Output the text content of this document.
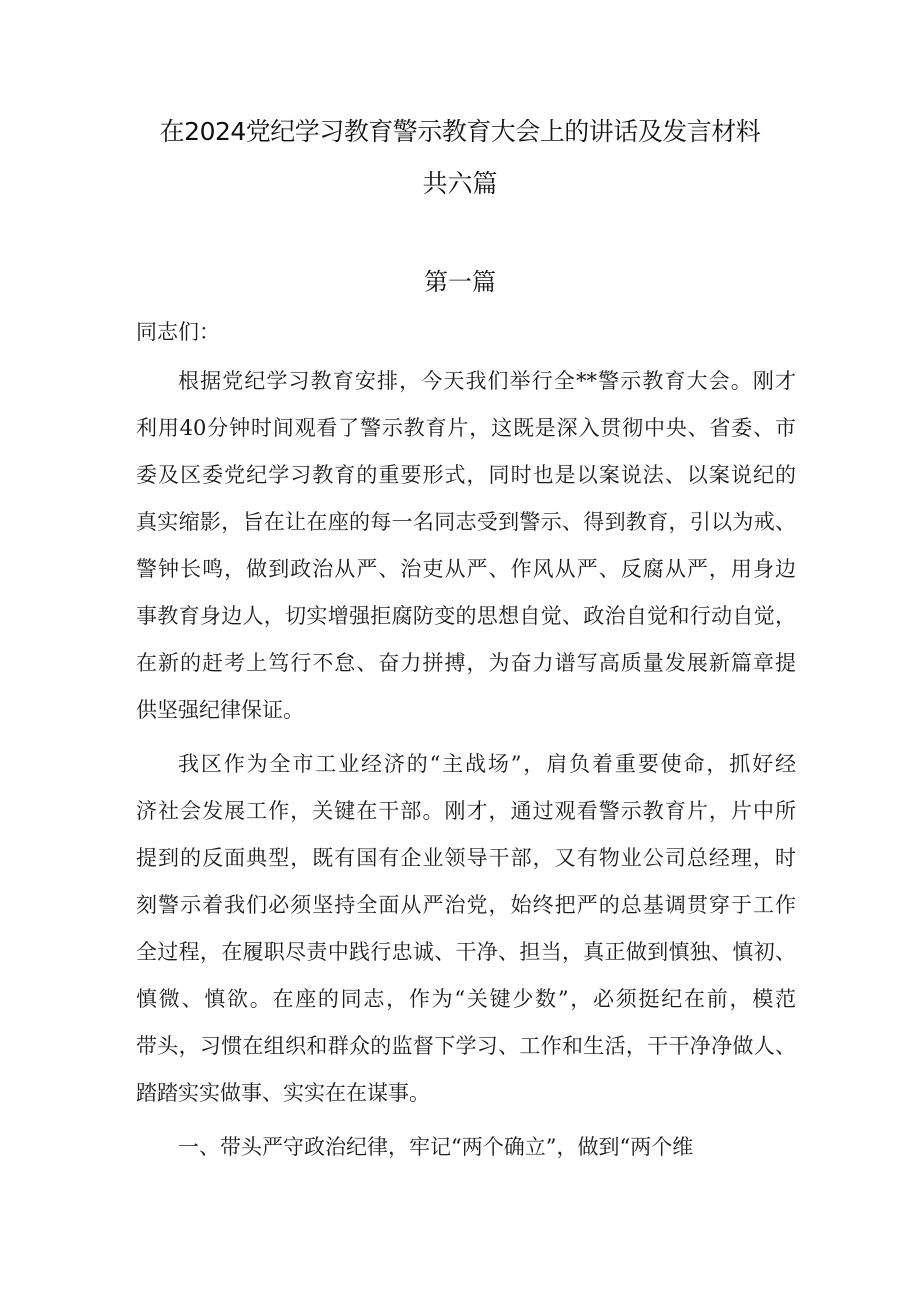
在2024党纪学习教育警示教育大会上的讲话及发言材料
共六篇
第一篇
同志们：
根据党纪学习教育安排，今天我们举行全**警示教育大会。刚才
利用40分钟时间观看了警示教育片，这既是深入贯彻中央、省委、市
委及区委党纪学习教育的重要形式，同时也是以案说法、以案说纪的
真实缩影，旨在让在座的每一名同志受到警示、得到教育，引以为戒、
警钟长鸣，做到政治从严、治吏从严、作风从严、反腐从严，用身边
事教育身边人，切实增强拒腐防变的思想自觉、政治自觉和行动自觉，
在新的赶考上笃行不怠、奋力拼搏，为奋力谱写高质量发展新篇章提
供坚强纪律保证。
我区作为全市工业经济的“主战场”，肩负着重要使命，抓好经
济社会发展工作，关键在干部。刚才，通过观看警示教育片，片中所
提到的反面典型，既有国有企业领导干部，又有物业公司总经理，时
刻警示着我们必须坚持全面从严治党，始终把严的总基调贯穿于工作
全过程，在履职尽责中践行忠诚、干净、担当，真正做到慎独、慎初、
慎微、慎欲。在座的同志，作为“关键少数”，必须挺纪在前，模范
带头，习惯在组织和群众的监督下学习、工作和生活，干干净净做人、
踏踏实实做事、实实在在谋事。
一、带头严守政治纪律，牢记“两个确立”，做到“两个维
